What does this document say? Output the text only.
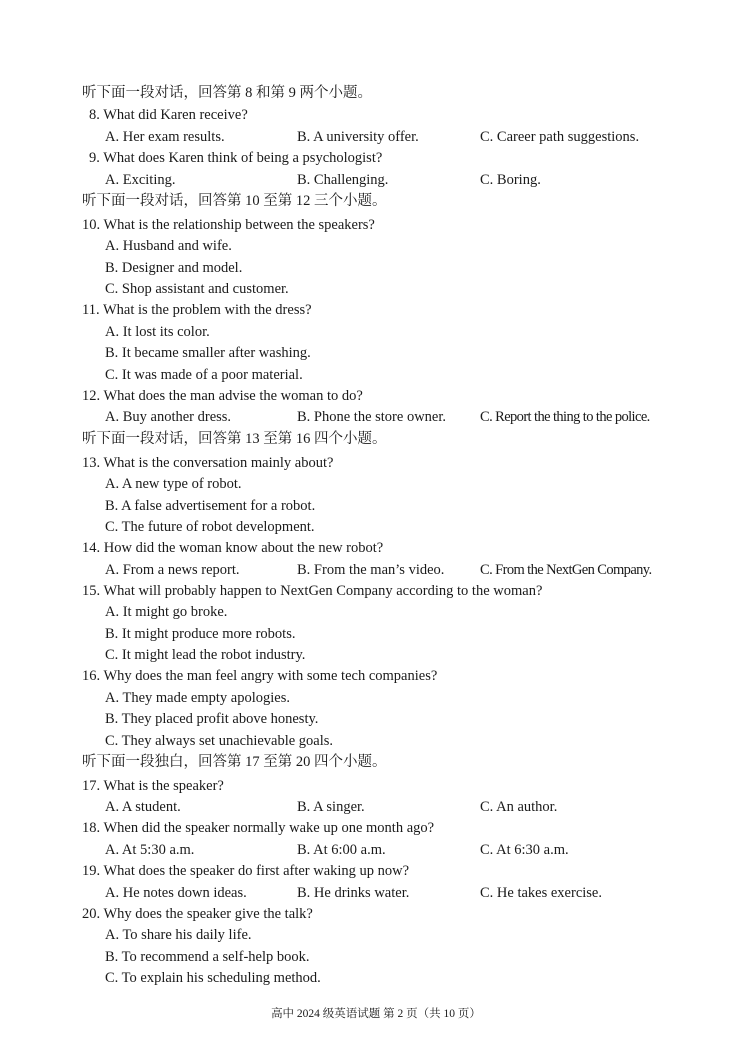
听下面一段对话，回答第 8 和第 9 两个小题。

8. What did Karen receive?

A. Her exam results.	B. A university offer.	C. Career path suggestions.

9. What does Karen think of being a psychologist?

A. Exciting.	B. Challenging.	C. Boring.

听下面一段对话，回答第 10 至第 12 三个小题。

10. What is the relationship between the speakers?

A. Husband and wife.

B. Designer and model.

C. Shop assistant and customer.

11. What is the problem with the dress?

A. It lost its color.

B. It became smaller after washing.

C. It was made of a poor material.

12. What does the man advise the woman to do?

A. Buy another dress.	B. Phone the store owner. C. Report the thing to the police.

听下面一段对话，回答第 13 至第 16 四个小题。

13. What is the conversation mainly about?

A. A new type of robot.

B. A false advertisement for a robot.

C. The future of robot development.

14. How did the woman know about the new robot?

A. From a news report.	B. From the man’s video. C. From the NextGen Company.

15. What will probably happen to NextGen Company according to the woman?

A. It might go broke.

B. It might produce more robots.

C. It might lead the robot industry.

16. Why does the man feel angry with some tech companies?

A. They made empty apologies.

B. They placed profit above honesty.

C. They always set unachievable goals.

听下面一段独白，回答第 17 至第 20 四个小题。

17. What is the speaker?

A. A student.	B. A singer.	C. An author.

18. When did the speaker normally wake up one month ago?

A. At 5:30 a.m.	B. At 6:00 a.m.	C. At 6:30 a.m.

19. What does the speaker do first after waking up now?

A. He notes down ideas.	B. He drinks water.	C. He takes exercise.

20. Why does the speaker give the talk?

A. To share his daily life.

B. To recommend a self-help book.

C. To explain his scheduling method.

高中 2024 级英语试题 第 2 页（共 10 页）
